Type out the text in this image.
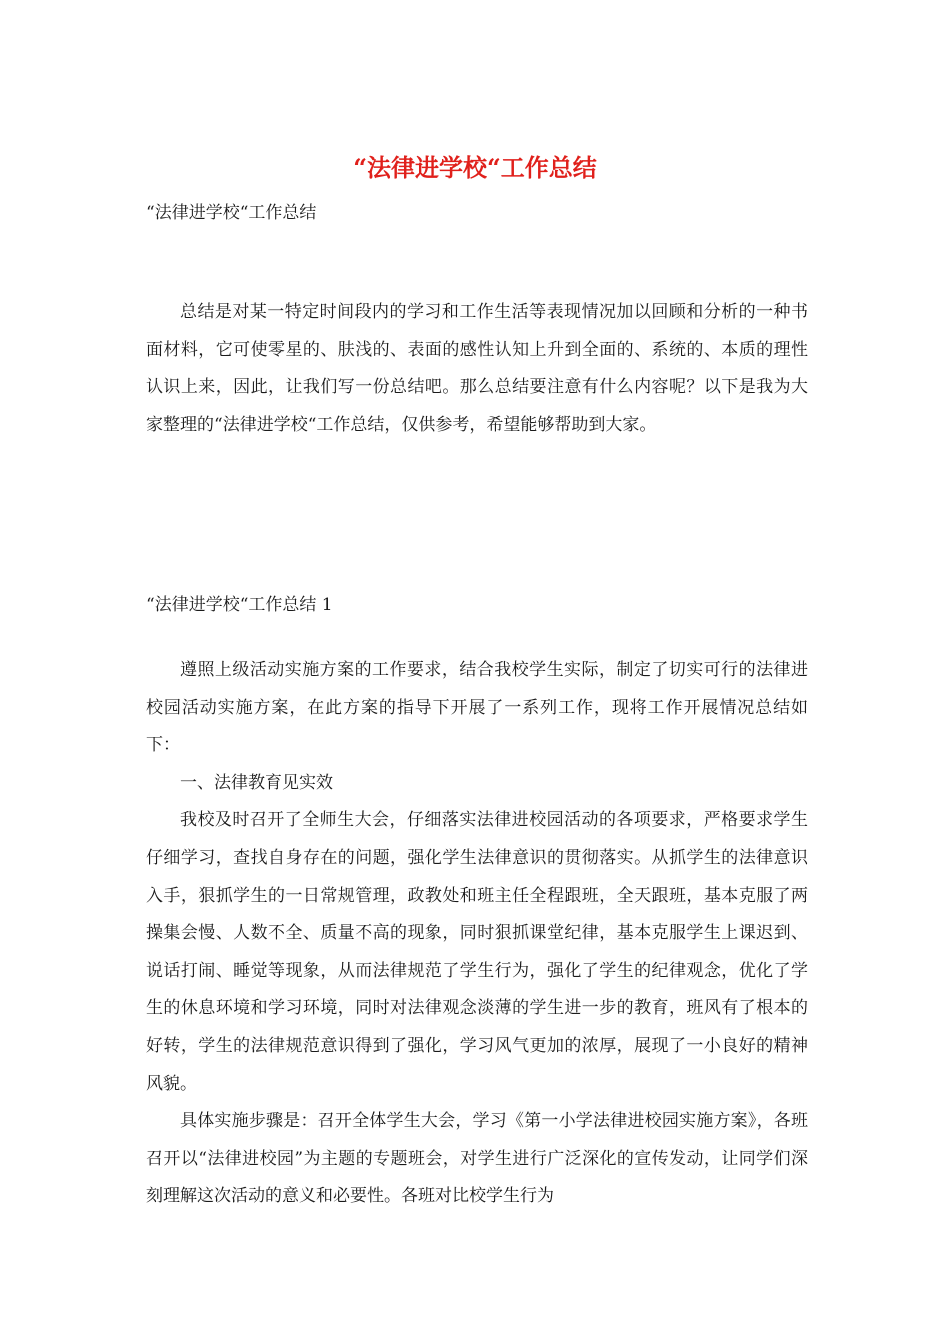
“法律进学校“工作总结
“法律进学校“工作总结

总结是对某一特定时间段内的学习和工作生活等表现情况加以回顾和分析的一种书面材料，它可使零星的、肤浅的、表面的感性认知上升到全面的、系统的、本质的理性认识上来，因此，让我们写一份总结吧。那么总结要注意有什么内容呢？以下是我为大家整理的“法律进学校“工作总结，仅供参考，希望能够帮助到大家。

“法律进学校“工作总结 1

遵照上级活动实施方案的工作要求，结合我校学生实际，制定了切实可行的法律进校园活动实施方案，在此方案的指导下开展了一系列工作，现将工作开展情况总结如下：

一、法律教育见实效

我校及时召开了全师生大会，仔细落实法律进校园活动的各项要求，严格要求学生仔细学习，查找自身存在的问题，强化学生法律意识的贯彻落实。从抓学生的法律意识入手，狠抓学生的一日常规管理，政教处和班主任全程跟班，全天跟班，基本克服了两操集会慢、人数不全、质量不高的现象，同时狠抓课堂纪律，基本克服学生上课迟到、说话打闹、睡觉等现象，从而法律规范了学生行为，强化了学生的纪律观念，优化了学生的休息环境和学习环境，同时对法律观念淡薄的学生进一步的教育，班风有了根本的好转，学生的法律规范意识得到了强化，学习风气更加的浓厚，展现了一小良好的精神风貌。

具体实施步骤是：召开全体学生大会，学习《第一小学法律进校园实施方案》，各班召开以“法律进校园”为主题的专题班会，对学生进行广泛深化的宣传发动，让同学们深刻理解这次活动的意义和必要性。各班对比校学生行为
